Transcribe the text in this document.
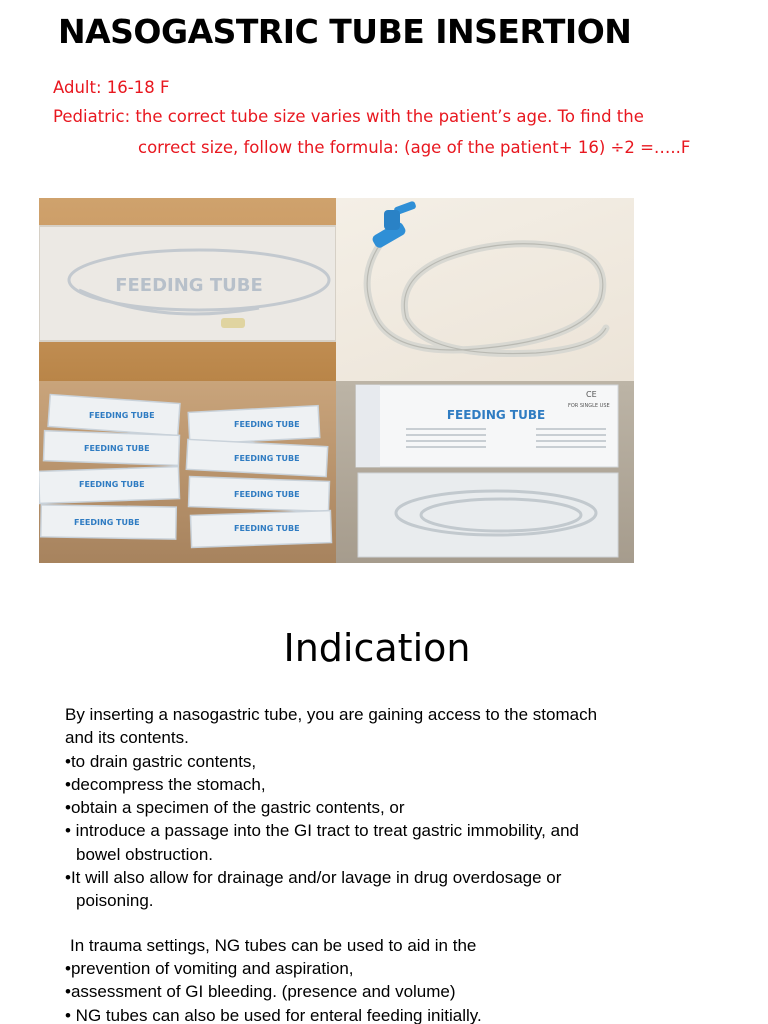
NASOGASTRIC TUBE INSERTION
Adult: 16-18 F
Pediatric: the correct tube size varies with the patient’s age. To find the
correct size, follow the formula: (age of the patient+ 16) ÷2 =…..F
FEEDING TUBE
FEEDING TUBE
FEEDING TUBE
FEEDING TUBE
FEEDING TUBE
FEEDING TUBE
FEEDING TUBE
FEEDING TUBE
FEEDING TUBE
FEEDING TUBE
CE
FOR SINGLE USE
Indication
By inserting a nasogastric tube, you are gaining access to the stomach
and its contents.
•to drain gastric contents,
•decompress the stomach,
•obtain a specimen of the gastric contents, or
• introduce a passage into the GI tract to treat gastric immobility, and
bowel obstruction.
•It will also allow for drainage and/or lavage in drug overdosage or
poisoning.
In trauma settings, NG tubes can be used to aid in the
•prevention of vomiting and aspiration,
•assessment of GI bleeding. (presence and volume)
• NG tubes can also be used for enteral feeding initially.
